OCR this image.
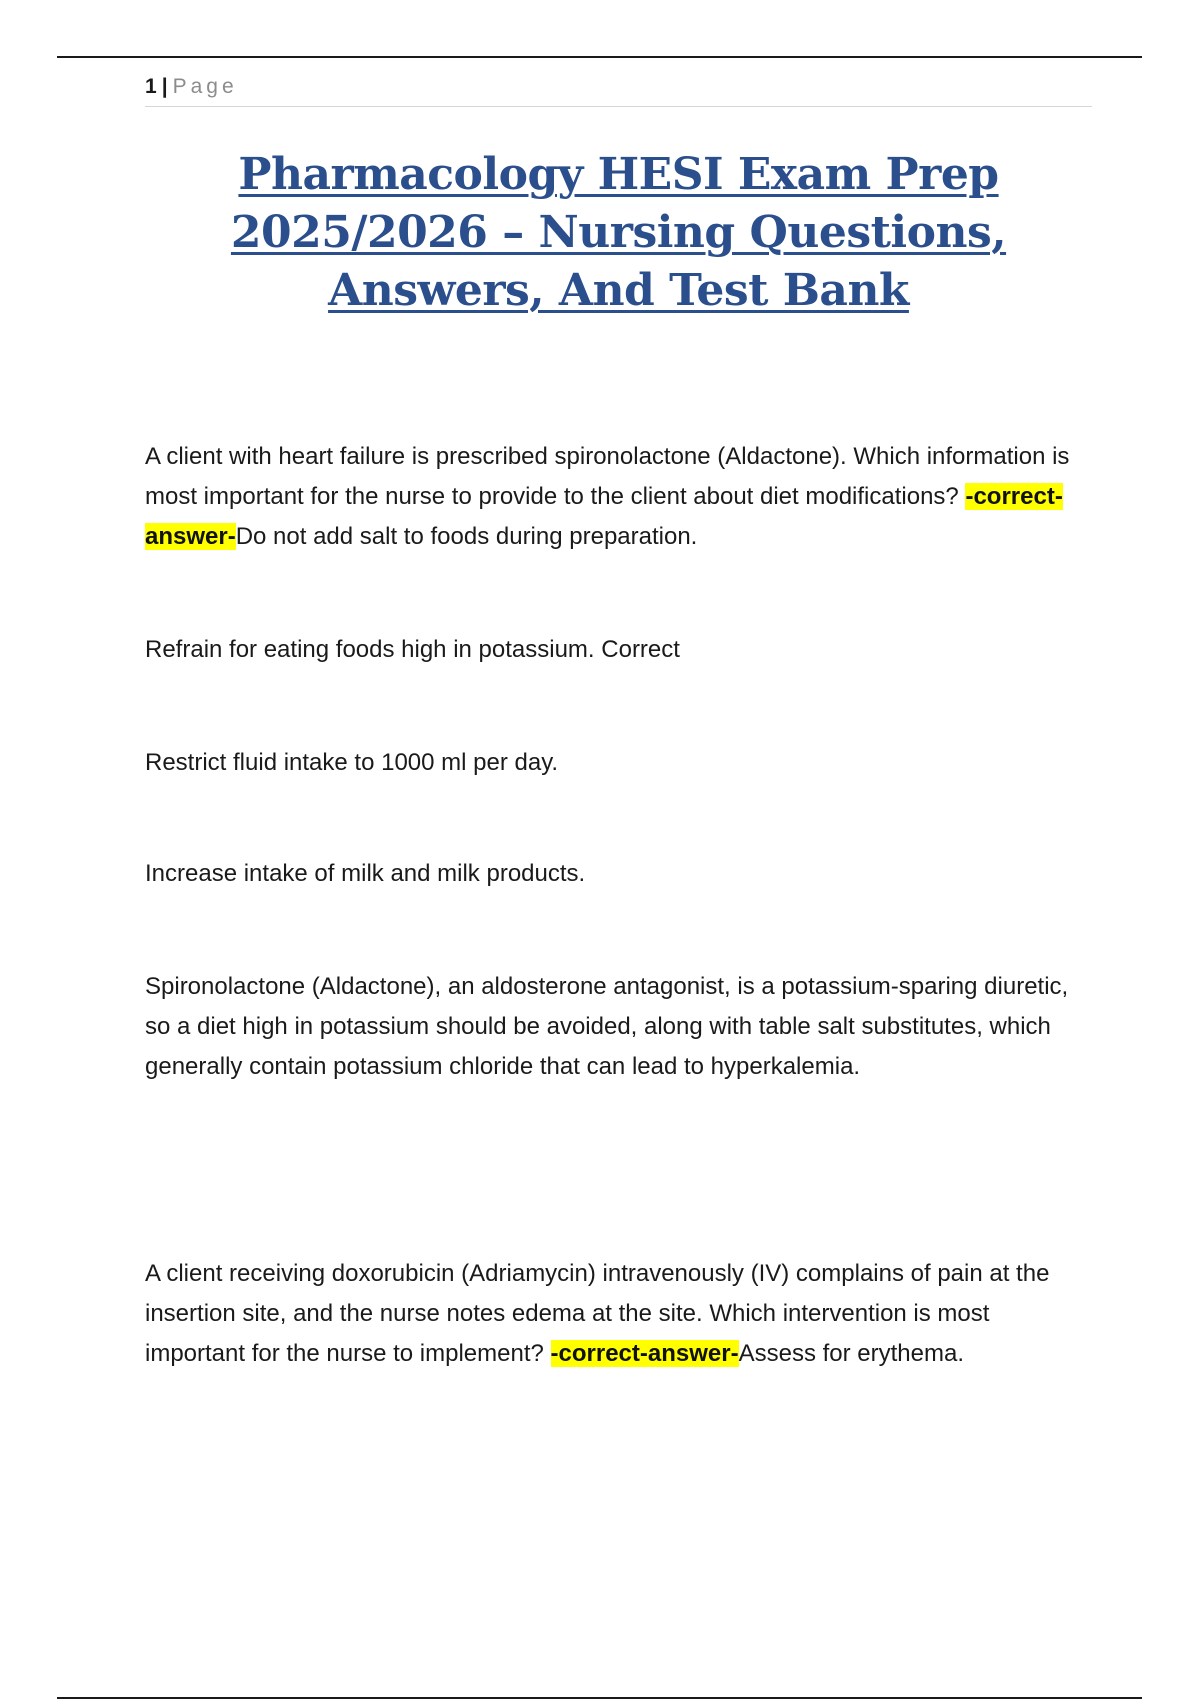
1 | Page
Pharmacology HESI Exam Prep 2025/2026 – Nursing Questions, Answers, And Test Bank
A client with heart failure is prescribed spironolactone (Aldactone). Which information is most important for the nurse to provide to the client about diet modifications? -correct-answer-Do not add salt to foods during preparation.
Refrain for eating foods high in potassium. Correct
Restrict fluid intake to 1000 ml per day.
Increase intake of milk and milk products.
Spironolactone (Aldactone), an aldosterone antagonist, is a potassium-sparing diuretic, so a diet high in potassium should be avoided, along with table salt substitutes, which generally contain potassium chloride that can lead to hyperkalemia.
A client receiving doxorubicin (Adriamycin) intravenously (IV) complains of pain at the insertion site, and the nurse notes edema at the site. Which intervention is most important for the nurse to implement? -correct-answer-Assess for erythema.
